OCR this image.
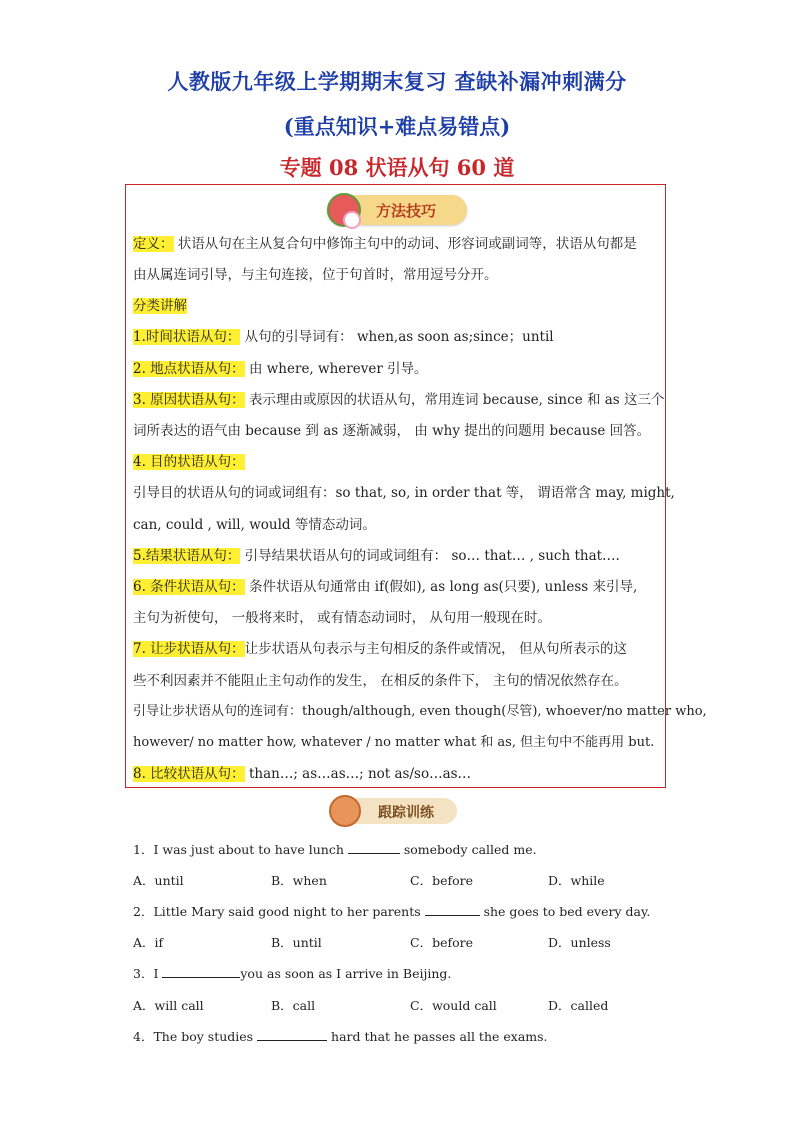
人教版九年级上学期期末复习 查缺补漏冲刺满分
(重点知识+难点易错点)
专题 08 状语从句 60 道
方法技巧
定义： 状语从句在主从复合句中修饰主句中的动词、形容词或副词等，状语从句都是
由从属连词引导，与主句连接，位于句首时，常用逗号分开。
分类讲解
1.时间状语从句： 从句的引导词有： when,as soon as;since；until
2. 地点状语从句： 由 where, wherever 引导。
3. 原因状语从句： 表示理由或原因的状语从句，常用连词 because, since 和 as 这三个
词所表达的语气由 because 到 as 逐渐减弱， 由 why 提出的问题用 because 回答。
4. 目的状语从句：
引导目的状语从句的词或词组有：so that, so, in order that 等， 谓语常含 may, might,
can, could , will, would 等情态动词。
5.结果状语从句： 引导结果状语从句的词或词组有： so… that… , such that….
6. 条件状语从句： 条件状语从句通常由 if(假如), as long as(只要), unless 来引导,
主句为祈使句， 一般将来时， 或有情态动词时， 从句用一般现在时。
7. 让步状语从句：让步状语从句表示与主句相反的条件或情况， 但从句所表示的这
些不利因素并不能阻止主句动作的发生， 在相反的条件下， 主句的情况依然存在。
引导让步状语从句的连词有：though/although, even though(尽管), whoever/no matter who,
however/ no matter how, whatever / no matter what 和 as, 但主句中不能再用 but.
8. 比较状语从句： than…; as…as…; not as/so…as…
跟踪训练
1．I was just about to have lunch	somebody called me.
A．until	B．when	C．before	D．while
2．Little Mary said good night to her parents	she goes to bed every day.
A．if	B．until	C．before	D．unless
3．I	you as soon as I arrive in Beijing.
A．will call	B．call	C．would call	D．called
4．The boy studies	hard that he passes all the exams.
